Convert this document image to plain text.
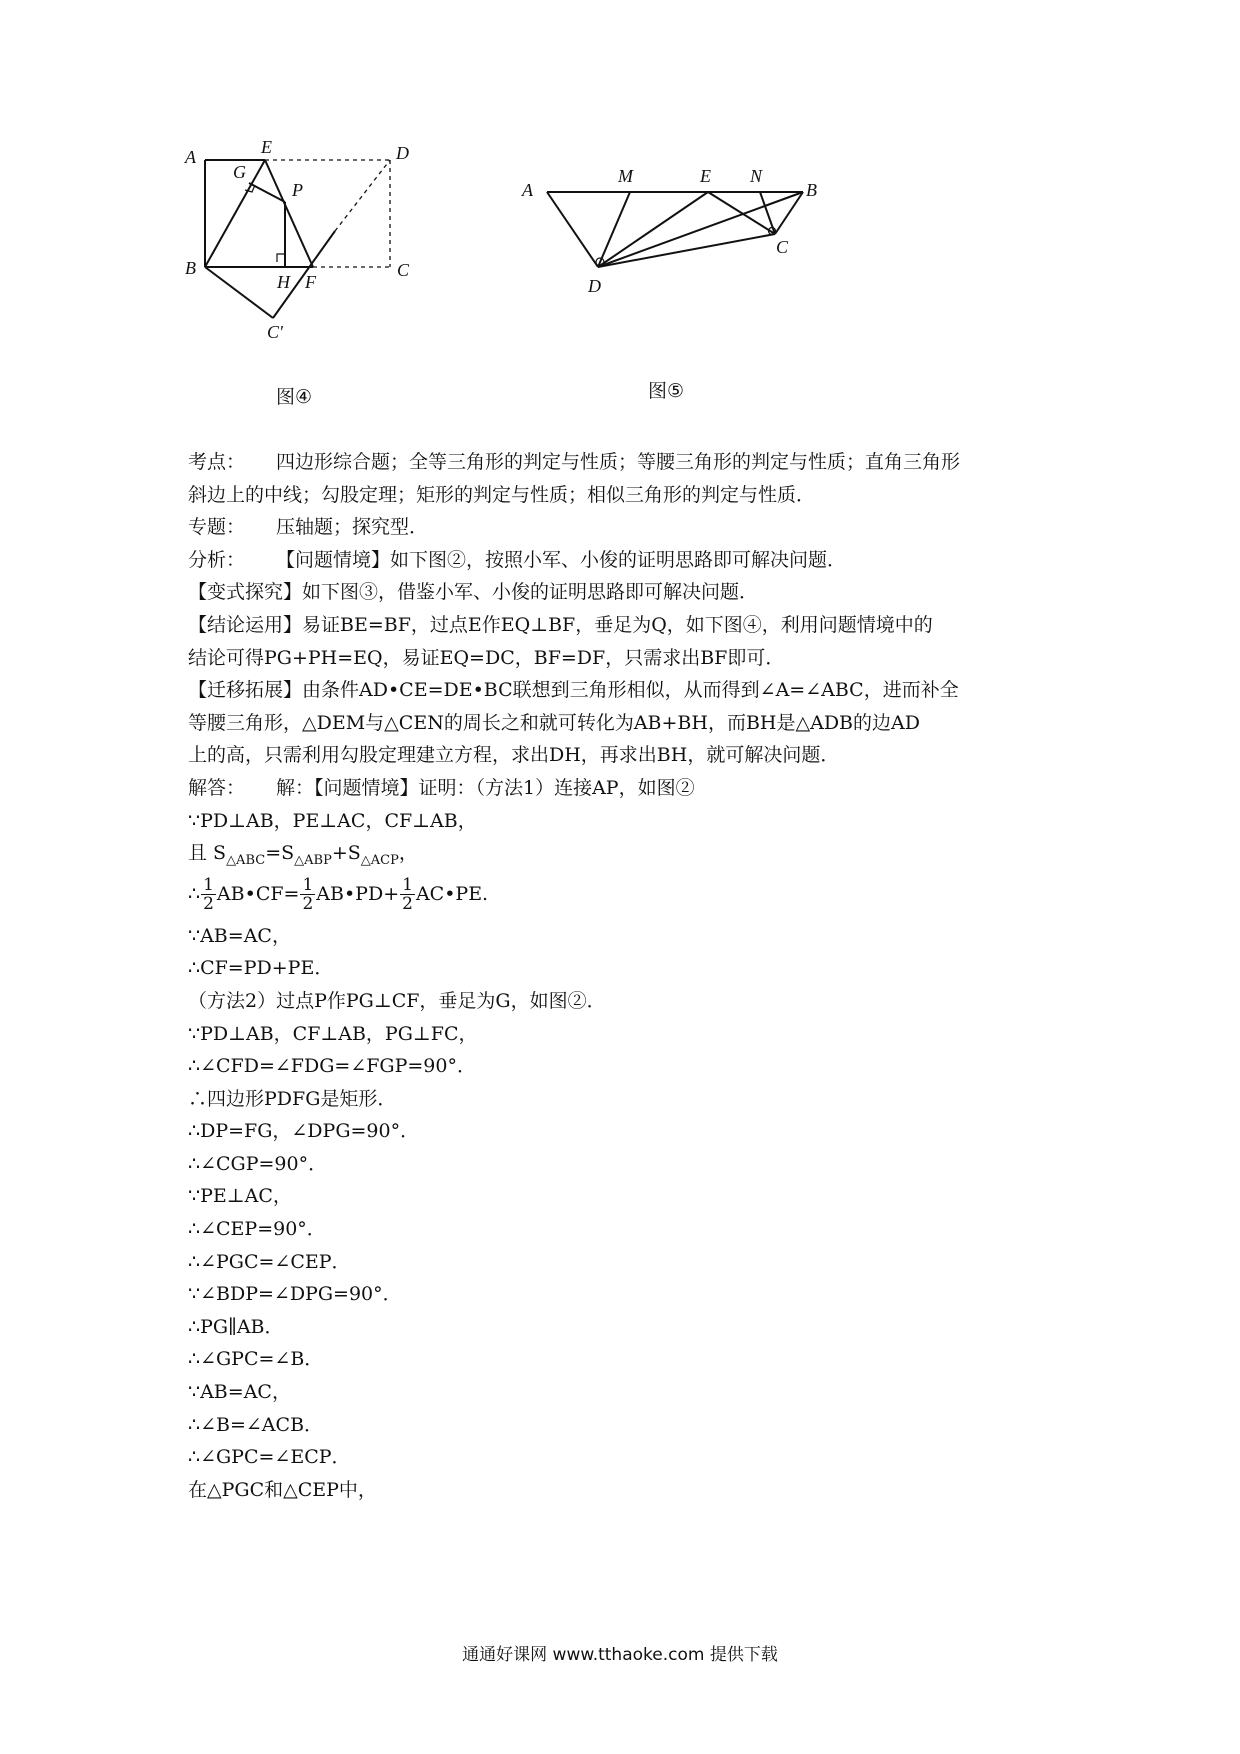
A	E	D
G
P
B
H F
C
C′
图④
A
M	E N
B
C
D
图⑤
考点： 四边形综合题；全等三角形的判定与性质；等腰三角形的判定与性质；直角三角形
斜边上的中线；勾股定理；矩形的判定与性质；相似三角形的判定与性质．
专题： 压轴题；探究型．
分析： 【问题情境】如下图②，按照小军、小俊的证明思路即可解决问题．
【变式探究】如下图③，借鉴小军、小俊的证明思路即可解决问题．
【结论运用】易证BE=BF，过点E作EQ⊥BF，垂足为Q，如下图④，利用问题情境中的
结论可得PG+PH=EQ，易证EQ=DC，BF=DF，只需求出BF即可．
【迁移拓展】由条件AD•CE=DE•BC联想到三角形相似，从而得到∠A=∠ABC，进而补全
等腰三角形，△DEM与△CEN的周长之和就可转化为AB+BH，而BH是△ADB的边AD
上的高，只需利用勾股定理建立方程，求出DH，再求出BH，就可解决问题．
解答： 解：【问题情境】证明：（方法1）连接AP，如图②
∵PD⊥AB，PE⊥AC，CF⊥AB，
且 $S_{\triangle ABC}=S_{\triangle ABP}+S_{\triangle ACP}$，
∴ $\frac{1}{2}$ AB•CF= $\frac{1}{2}$ AB•PD+ $\frac{1}{2}$ AC•PE.
∵AB=AC，
∴CF=PD+PE．
（方法2）过点P作PG⊥CF，垂足为G，如图②．
∵PD⊥AB，CF⊥AB，PG⊥FC，
∴∠CFD=∠FDG=∠FGP=90°．
∴四边形PDFG是矩形．
∴DP=FG，∠DPG=90°．
∴∠CGP=90°．
∵PE⊥AC，
∴∠CEP=90°．
∴∠PGC=∠CEP．
∵∠BDP=∠DPG=90°．
∴PG∥AB．
∴∠GPC=∠B．
∵AB=AC，
∴∠B=∠ACB．
∴∠GPC=∠ECP．
在△PGC和△CEP中，
通通好课网 www.tthaoke.com 提供下载
